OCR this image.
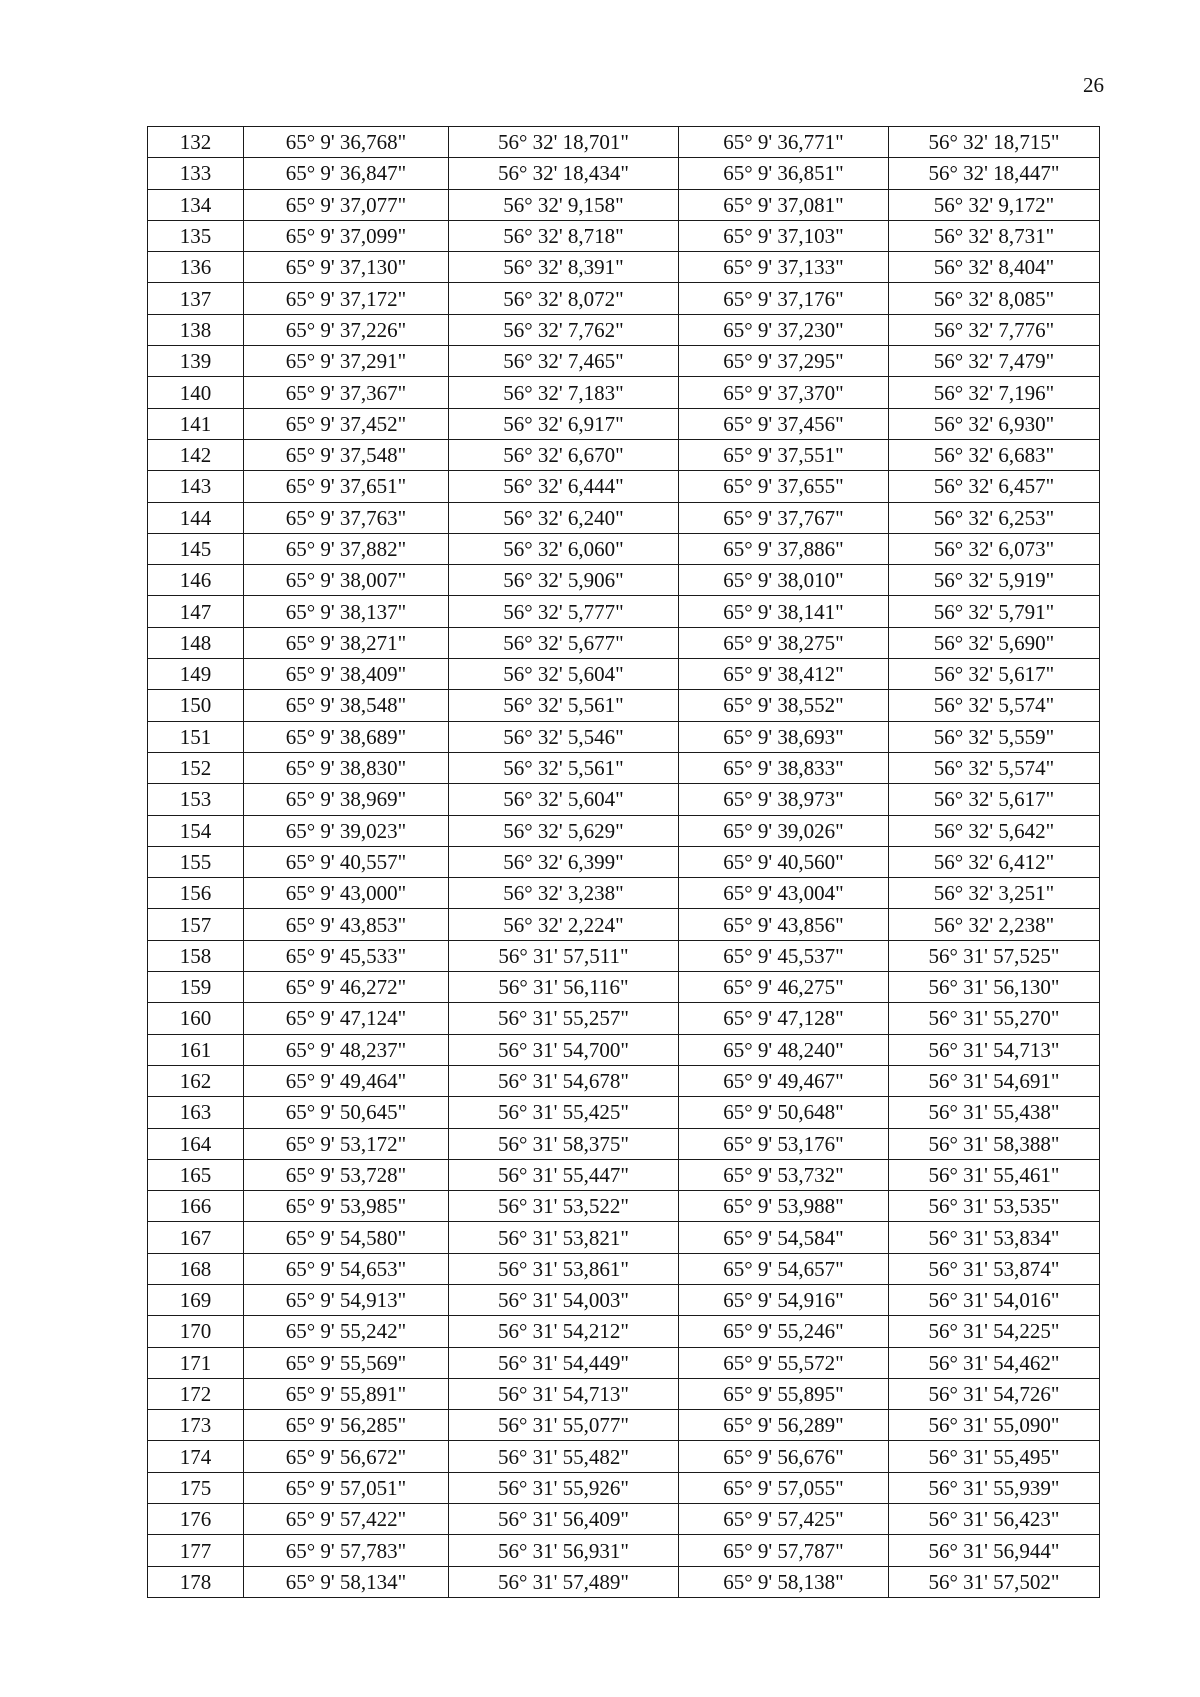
26
132	65° 9' 36,768"	56° 32' 18,701"	65° 9' 36,771"	56° 32' 18,715"
133	65° 9' 36,847"	56° 32' 18,434"	65° 9' 36,851"	56° 32' 18,447"
134	65° 9' 37,077"	56° 32' 9,158"	65° 9' 37,081"	56° 32' 9,172"
135	65° 9' 37,099"	56° 32' 8,718"	65° 9' 37,103"	56° 32' 8,731"
136	65° 9' 37,130"	56° 32' 8,391"	65° 9' 37,133"	56° 32' 8,404"
137	65° 9' 37,172"	56° 32' 8,072"	65° 9' 37,176"	56° 32' 8,085"
138	65° 9' 37,226"	56° 32' 7,762"	65° 9' 37,230"	56° 32' 7,776"
139	65° 9' 37,291"	56° 32' 7,465"	65° 9' 37,295"	56° 32' 7,479"
140	65° 9' 37,367"	56° 32' 7,183"	65° 9' 37,370"	56° 32' 7,196"
141	65° 9' 37,452"	56° 32' 6,917"	65° 9' 37,456"	56° 32' 6,930"
142	65° 9' 37,548"	56° 32' 6,670"	65° 9' 37,551"	56° 32' 6,683"
143	65° 9' 37,651"	56° 32' 6,444"	65° 9' 37,655"	56° 32' 6,457"
144	65° 9' 37,763"	56° 32' 6,240"	65° 9' 37,767"	56° 32' 6,253"
145	65° 9' 37,882"	56° 32' 6,060"	65° 9' 37,886"	56° 32' 6,073"
146	65° 9' 38,007"	56° 32' 5,906"	65° 9' 38,010"	56° 32' 5,919"
147	65° 9' 38,137"	56° 32' 5,777"	65° 9' 38,141"	56° 32' 5,791"
148	65° 9' 38,271"	56° 32' 5,677"	65° 9' 38,275"	56° 32' 5,690"
149	65° 9' 38,409"	56° 32' 5,604"	65° 9' 38,412"	56° 32' 5,617"
150	65° 9' 38,548"	56° 32' 5,561"	65° 9' 38,552"	56° 32' 5,574"
151	65° 9' 38,689"	56° 32' 5,546"	65° 9' 38,693"	56° 32' 5,559"
152	65° 9' 38,830"	56° 32' 5,561"	65° 9' 38,833"	56° 32' 5,574"
153	65° 9' 38,969"	56° 32' 5,604"	65° 9' 38,973"	56° 32' 5,617"
154	65° 9' 39,023"	56° 32' 5,629"	65° 9' 39,026"	56° 32' 5,642"
155	65° 9' 40,557"	56° 32' 6,399"	65° 9' 40,560"	56° 32' 6,412"
156	65° 9' 43,000"	56° 32' 3,238"	65° 9' 43,004"	56° 32' 3,251"
157	65° 9' 43,853"	56° 32' 2,224"	65° 9' 43,856"	56° 32' 2,238"
158	65° 9' 45,533"	56° 31' 57,511"	65° 9' 45,537"	56° 31' 57,525"
159	65° 9' 46,272"	56° 31' 56,116"	65° 9' 46,275"	56° 31' 56,130"
160	65° 9' 47,124"	56° 31' 55,257"	65° 9' 47,128"	56° 31' 55,270"
161	65° 9' 48,237"	56° 31' 54,700"	65° 9' 48,240"	56° 31' 54,713"
162	65° 9' 49,464"	56° 31' 54,678"	65° 9' 49,467"	56° 31' 54,691"
163	65° 9' 50,645"	56° 31' 55,425"	65° 9' 50,648"	56° 31' 55,438"
164	65° 9' 53,172"	56° 31' 58,375"	65° 9' 53,176"	56° 31' 58,388"
165	65° 9' 53,728"	56° 31' 55,447"	65° 9' 53,732"	56° 31' 55,461"
166	65° 9' 53,985"	56° 31' 53,522"	65° 9' 53,988"	56° 31' 53,535"
167	65° 9' 54,580"	56° 31' 53,821"	65° 9' 54,584"	56° 31' 53,834"
168	65° 9' 54,653"	56° 31' 53,861"	65° 9' 54,657"	56° 31' 53,874"
169	65° 9' 54,913"	56° 31' 54,003"	65° 9' 54,916"	56° 31' 54,016"
170	65° 9' 55,242"	56° 31' 54,212"	65° 9' 55,246"	56° 31' 54,225"
171	65° 9' 55,569"	56° 31' 54,449"	65° 9' 55,572"	56° 31' 54,462"
172	65° 9' 55,891"	56° 31' 54,713"	65° 9' 55,895"	56° 31' 54,726"
173	65° 9' 56,285"	56° 31' 55,077"	65° 9' 56,289"	56° 31' 55,090"
174	65° 9' 56,672"	56° 31' 55,482"	65° 9' 56,676"	56° 31' 55,495"
175	65° 9' 57,051"	56° 31' 55,926"	65° 9' 57,055"	56° 31' 55,939"
176	65° 9' 57,422"	56° 31' 56,409"	65° 9' 57,425"	56° 31' 56,423"
177	65° 9' 57,783"	56° 31' 56,931"	65° 9' 57,787"	56° 31' 56,944"
178	65° 9' 58,134"	56° 31' 57,489"	65° 9' 58,138"	56° 31' 57,502"
